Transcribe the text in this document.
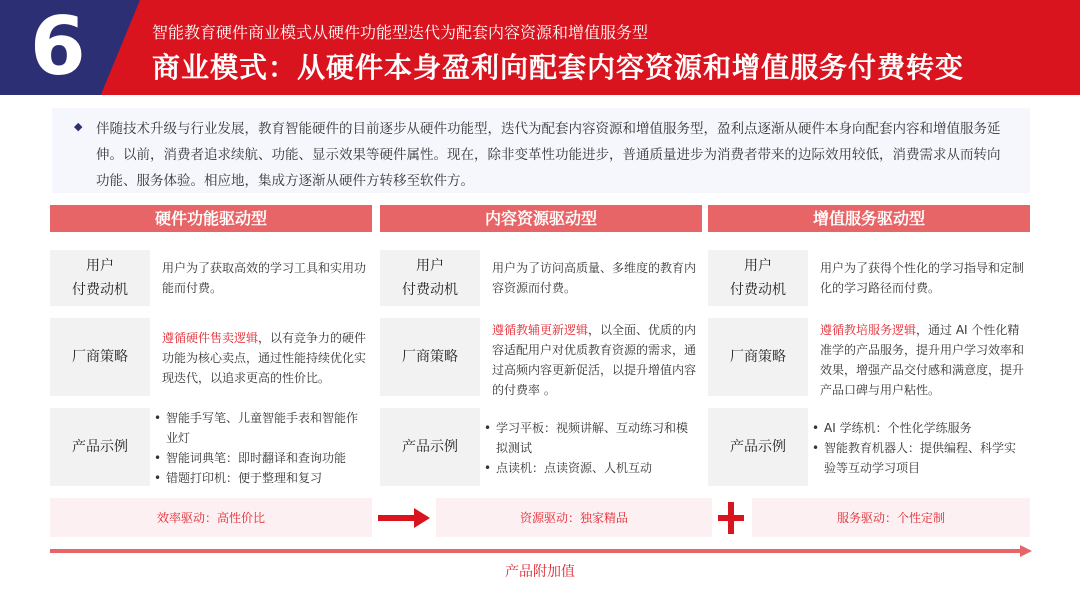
6	智能教育硬件商业模式从硬件功能型迭代为配套内容资源和增值服务型
商业模式：从硬件本身盈利向配套内容资源和增值服务付费转变
伴随技术升级与行业发展，教育智能硬件的目前逐步从硬件功能型，迭代为配套内容资源和增值服务型，盈利点逐渐从硬件本身向配套内容和增值服务延伸。以前，消费者追求续航、功能、显示效果等硬件属性。现在，除非变革性功能进步，普通质量进步为消费者带来的边际效用较低，消费需求从而转向功能、服务体验。相应地，集成方逐渐从硬件方转移至软件方。
◆
硬件功能驱动型
用户
付费动机
厂商策略
产品示例
用户为了获取高效的学习工具和实用功能而付费。
遵循硬件售卖逻辑，以有竞争力的硬件功能为核心卖点，通过性能持续优化实现迭代，以追求更高的性价比。
• 智能手写笔、儿童智能手表和智能作业灯
• 智能词典笔：即时翻译和查询功能
• 错题打印机：便于整理和复习
效率驱动：高性价比
内容资源驱动型
用户
付费动机
厂商策略
产品示例
用户为了访问高质量、多维度的教育内容资源而付费。
遵循教辅更新逻辑，以全面、优质的内容适配用户对优质教育资源的需求，通过高频内容更新促活，以提升增值内容的付费率 。
• 学习平板：视频讲解、互动练习和模拟测试
• 点读机：点读资源、人机互动
资源驱动：独家精品
增值服务驱动型
用户
付费动机
厂商策略
产品示例
用户为了获得个性化的学习指导和定制化的学习路径而付费。
遵循教培服务逻辑，通过 AI 个性化精准学的产品服务，提升用户学习效率和效果，增强产品交付感和满意度，提升产品口碑与用户粘性。
• AI 学练机：个性化学练服务
• 智能教育机器人：提供编程、科学实验等互动学习项目
服务驱动：个性定制
产品附加值
